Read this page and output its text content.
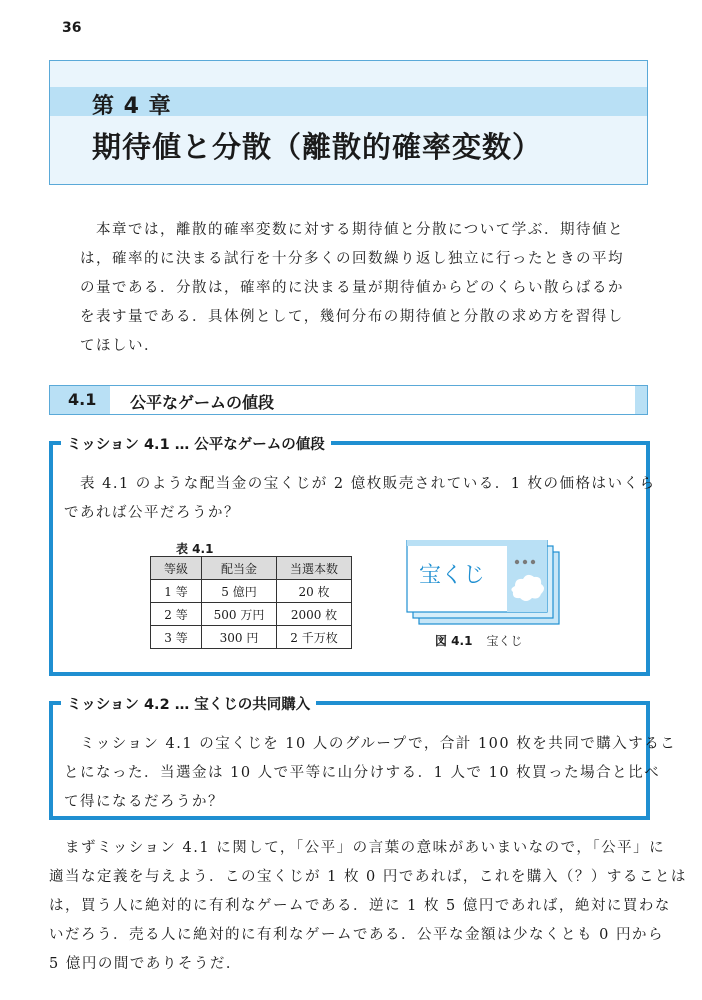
36
第 4 章
期待値と分散（離散的確率変数）
本章では，離散的確率変数に対する期待値と分散について学ぶ．期待値と
は，確率的に決まる試行を十分多くの回数繰り返し独立に行ったときの平均
の量である．分散は，確率的に決まる量が期待値からどのくらい散らばるか
を表す量である．具体例として，幾何分布の期待値と分散の求め方を習得し
てほしい．
4.1 公平なゲームの値段
ミッション 4.1 … 公平なゲームの値段
表 4.1 のような配当金の宝くじが 2 億枚販売されている．1 枚の価格はいくら
であれば公平だろうか？
表 4.1
等級	配当金	当選本数
1 等	5 億円	20 枚
2 等	500 万円	2000 枚
3 等	300 円	2 千万枚
宝くじ
図 4.1 宝くじ
ミッション 4.2 … 宝くじの共同購入
ミッション 4.1 の宝くじを 10 人のグループで，合計 100 枚を共同で購入するこ
とになった．当選金は 10 人で平等に山分けする．1 人で 10 枚買った場合と比べ
て得になるだろうか？
まずミッション 4.1 に関して，「公平」の言葉の意味があいまいなので，「公平」に
適当な定義を与えよう．この宝くじが 1 枚 0 円であれば，これを購入（？）することは
は，買う人に絶対的に有利なゲームである．逆に 1 枚 5 億円であれば，絶対に買わな
いだろう．売る人に絶対的に有利なゲームである．公平な金額は少なくとも 0 円から
5 億円の間でありそうだ．
